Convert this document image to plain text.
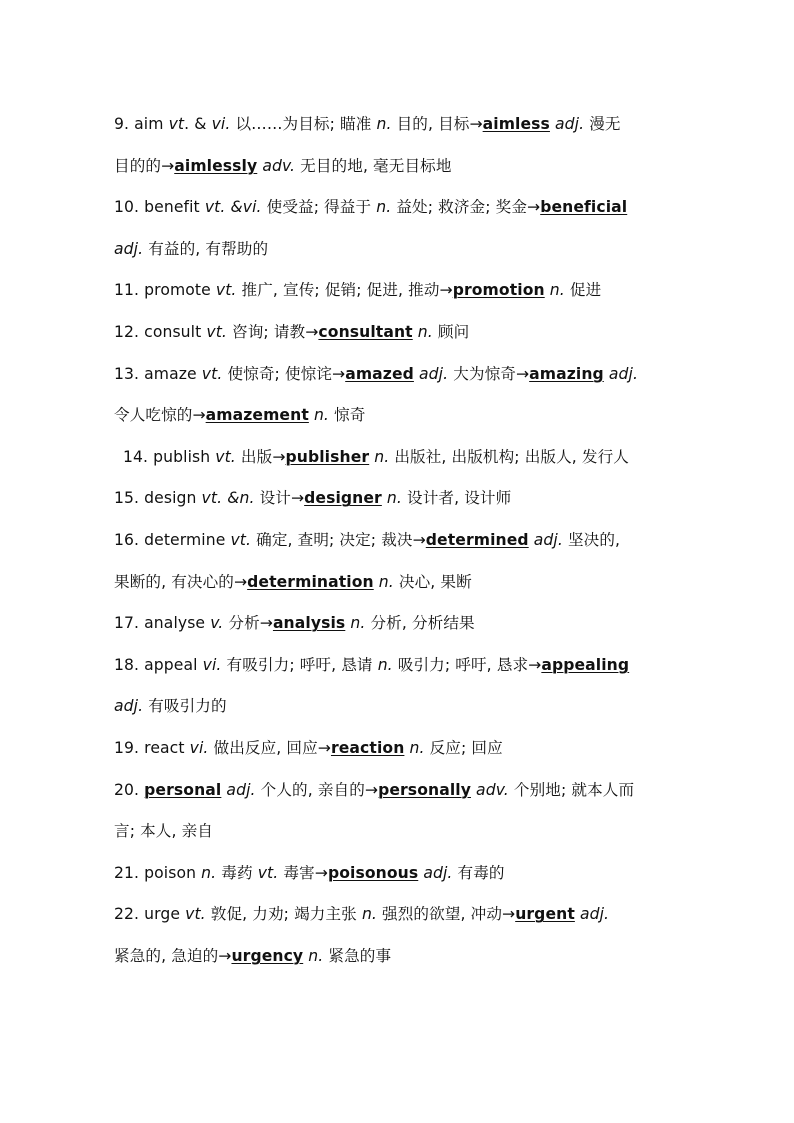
9. aim vt. & vi. 以……为目标; 瞄准 n. 目的, 目标→aimless adj. 漫无
目的的→aimlessly adv. 无目的地, 毫无目标地
10. benefit vt. &vi. 使受益; 得益于 n. 益处; 救济金; 奖金→beneficial
adj. 有益的, 有帮助的
11. promote vt. 推广, 宣传; 促销; 促进, 推动→promotion n. 促进
12. consult vt. 咨询; 请教→consultant n. 顾问
13. amaze vt. 使惊奇; 使惊诧→amazed adj. 大为惊奇→amazing adj.
令人吃惊的→amazement n. 惊奇
14. publish vt. 出版→publisher n. 出版社, 出版机构; 出版人, 发行人
15. design vt. &n. 设计→designer n. 设计者, 设计师
16. determine vt. 确定, 查明; 决定; 裁决→determined adj. 坚决的,
果断的, 有决心的→determination n. 决心, 果断
17. analyse v. 分析→analysis n. 分析, 分析结果
18. appeal vi. 有吸引力; 呼吁, 恳请 n. 吸引力; 呼吁, 恳求→appealing
adj. 有吸引力的
19. react vi. 做出反应, 回应→reaction n. 反应; 回应
20. personal adj. 个人的, 亲自的→personally adv. 个别地; 就本人而
言; 本人, 亲自
21. poison n. 毒药 vt. 毒害→poisonous adj. 有毒的
22. urge vt. 敦促, 力劝; 竭力主张 n. 强烈的欲望, 冲动→urgent adj.
紧急的, 急迫的→urgency n. 紧急的事
